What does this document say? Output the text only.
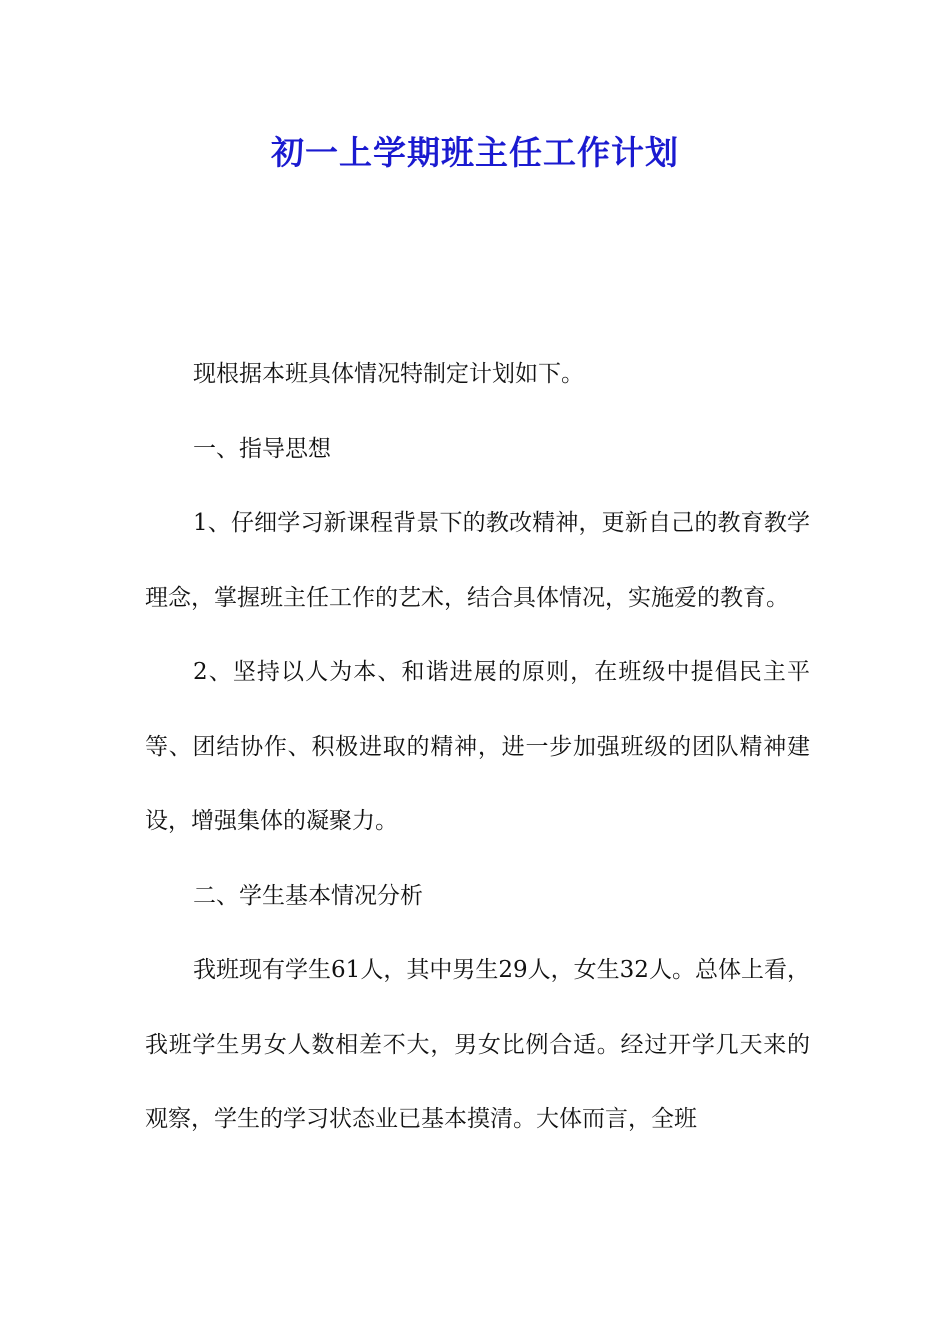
初一上学期班主任工作计划

现根据本班具体情况特制定计划如下。

一、指导思想

1、仔细学习新课程背景下的教改精神，更新自己的教育教学理念，掌握班主任工作的艺术，结合具体情况，实施爱的教育。

2、坚持以人为本、和谐进展的原则，在班级中提倡民主平等、团结协作、积极进取的精神，进一步加强班级的团队精神建设，增强集体的凝聚力。

二、学生基本情况分析

我班现有学生61人，其中男生29人，女生32人。总体上看，我班学生男女人数相差不大，男女比例合适。经过开学几天来的观察，学生的学习状态业已基本摸清。大体而言，全班
